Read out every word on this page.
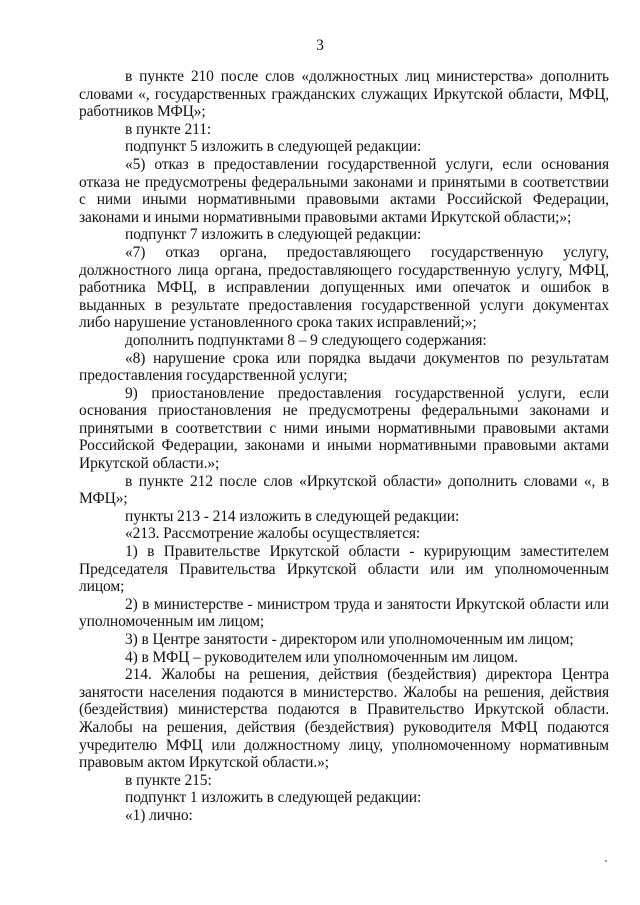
3

в пункте 210 после слов «должностных лиц министерства» дополнить словами «, государственных гражданских служащих Иркутской области, МФЦ, работников МФЦ»;

в пункте 211:

подпункт 5 изложить в следующей редакции:

«5) отказ в предоставлении государственной услуги, если основания отказа не предусмотрены федеральными законами и принятыми в соответствии с ними иными нормативными правовыми актами Российской Федерации, законами и иными нормативными правовыми актами Иркутской области;»;

подпункт 7 изложить в следующей редакции:

«7) отказ органа, предоставляющего государственную услугу, должностного лица органа, предоставляющего государственную услугу, МФЦ, работника МФЦ, в исправлении допущенных ими опечаток и ошибок в выданных в результате предоставления государственной услуги документах либо нарушение установленного срока таких исправлений;»;

дополнить подпунктами 8 – 9 следующего содержания:

«8) нарушение срока или порядка выдачи документов по результатам предоставления государственной услуги;

9) приостановление предоставления государственной услуги, если основания приостановления не предусмотрены федеральными законами и принятыми в соответствии с ними иными нормативными правовыми актами Российской Федерации, законами и иными нормативными правовыми актами Иркутской области.»;

в пункте 212 после слов «Иркутской области» дополнить словами «, в МФЦ»;

пункты 213 - 214 изложить в следующей редакции:

«213. Рассмотрение жалобы осуществляется:

1) в Правительстве Иркутской области - курирующим заместителем Председателя Правительства Иркутской области или им уполномоченным лицом;

2) в министерстве - министром труда и занятости Иркутской области или уполномоченным им лицом;

3) в Центре занятости - директором или уполномоченным им лицом;

4) в МФЦ – руководителем или уполномоченным им лицом.

214. Жалобы на решения, действия (бездействия) директора Центра занятости населения подаются в министерство. Жалобы на решения, действия (бездействия) министерства подаются в Правительство Иркутской области. Жалобы на решения, действия (бездействия) руководителя МФЦ подаются учредителю МФЦ или должностному лицу, уполномоченному нормативным правовым актом Иркутской области.»;

в пункте 215:

подпункт 1 изложить в следующей редакции:

«1) лично:
